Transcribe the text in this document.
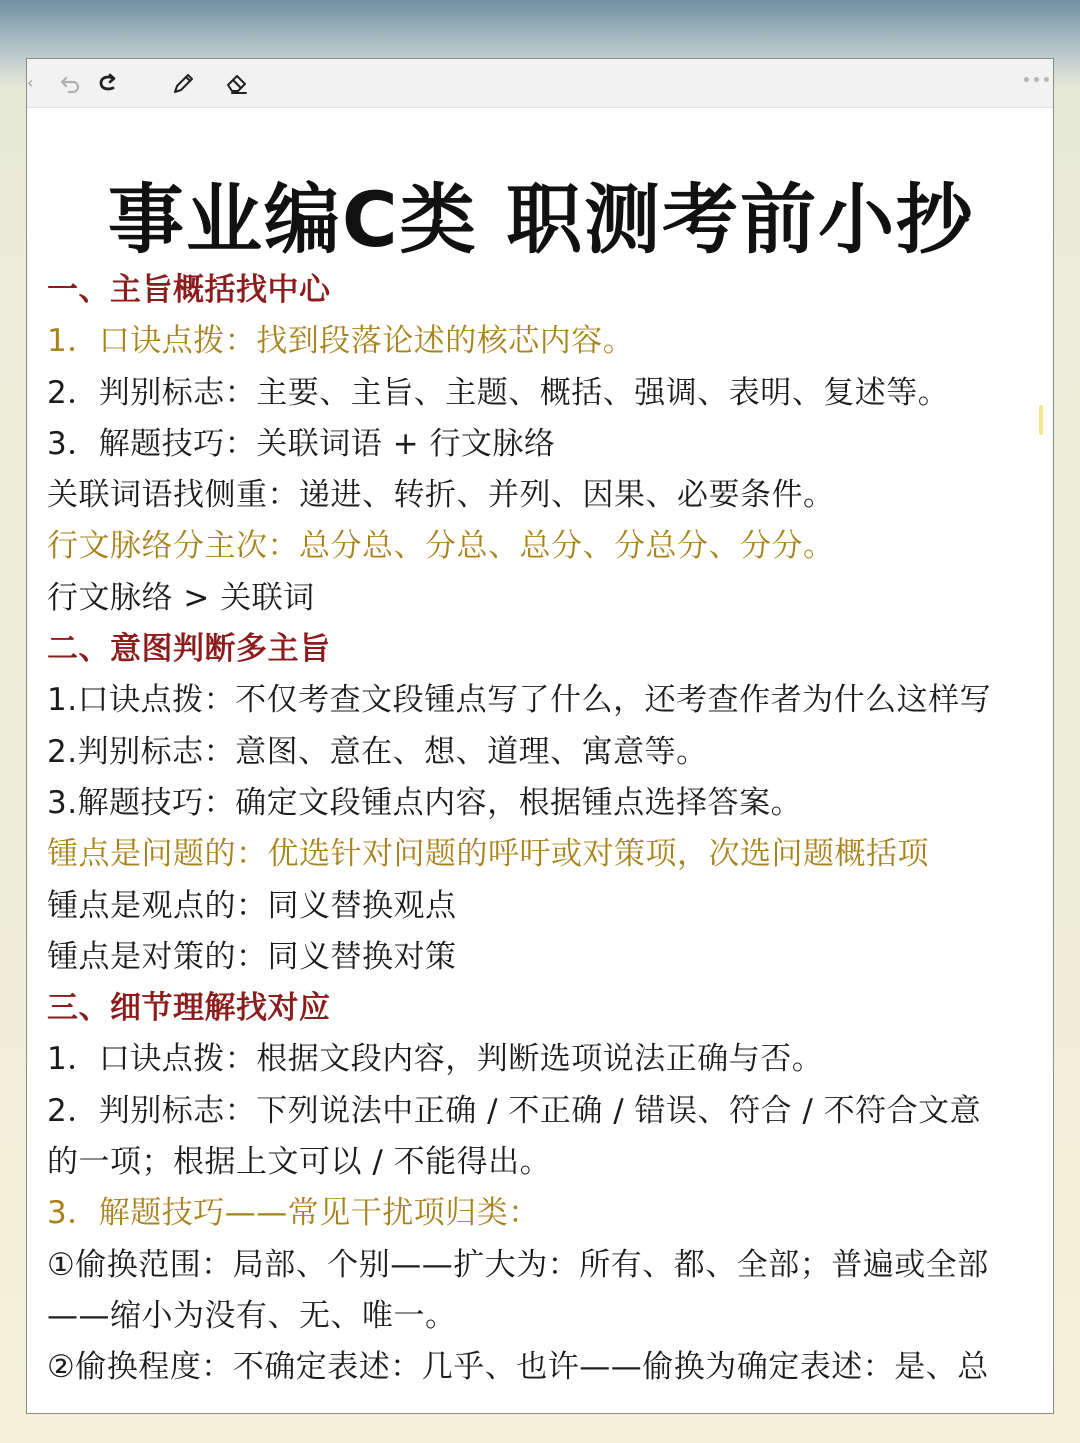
‹
事业编C类 职测考前小抄
一、主旨概括找中心
1．口诀点拨：找到段落论述的核芯内容。
2．判别标志：主要、主旨、主题、概括、强调、表明、复述等。
3．解题技巧：关联词语 + 行文脉络
关联词语找侧重：递进、转折、并列、因果、必要条件。
行文脉络分主次：总分总、分总、总分、分总分、分分。
行文脉络 > 关联词
二、意图判断多主旨
1.口诀点拨：不仅考查文段锺点写了什么，还考查作者为什么这样写
2.判别标志：意图、意在、想、道理、寓意等。
3.解题技巧：确定文段锺点内容，根据锺点选择答案。
锺点是问题的：优选针对问题的呼吁或对策项，次选问题概括项
锺点是观点的：同义替换观点
锺点是对策的：同义替换对策
三、细节理解找对应
1．口诀点拨：根据文段内容，判断选项说法正确与否。
2．判别标志：下列说法中正确 / 不正确 / 错误、符合 / 不符合文意
的一项；根据上文可以 / 不能得出。
3．解题技巧——常见干扰项归类：
①偷换范围：局部、个别——扩大为：所有、都、全部；普遍或全部
——缩小为没有、无、唯一。
②偷换程度：不确定表述：几乎、也许——偷换为确定表述：是、总
